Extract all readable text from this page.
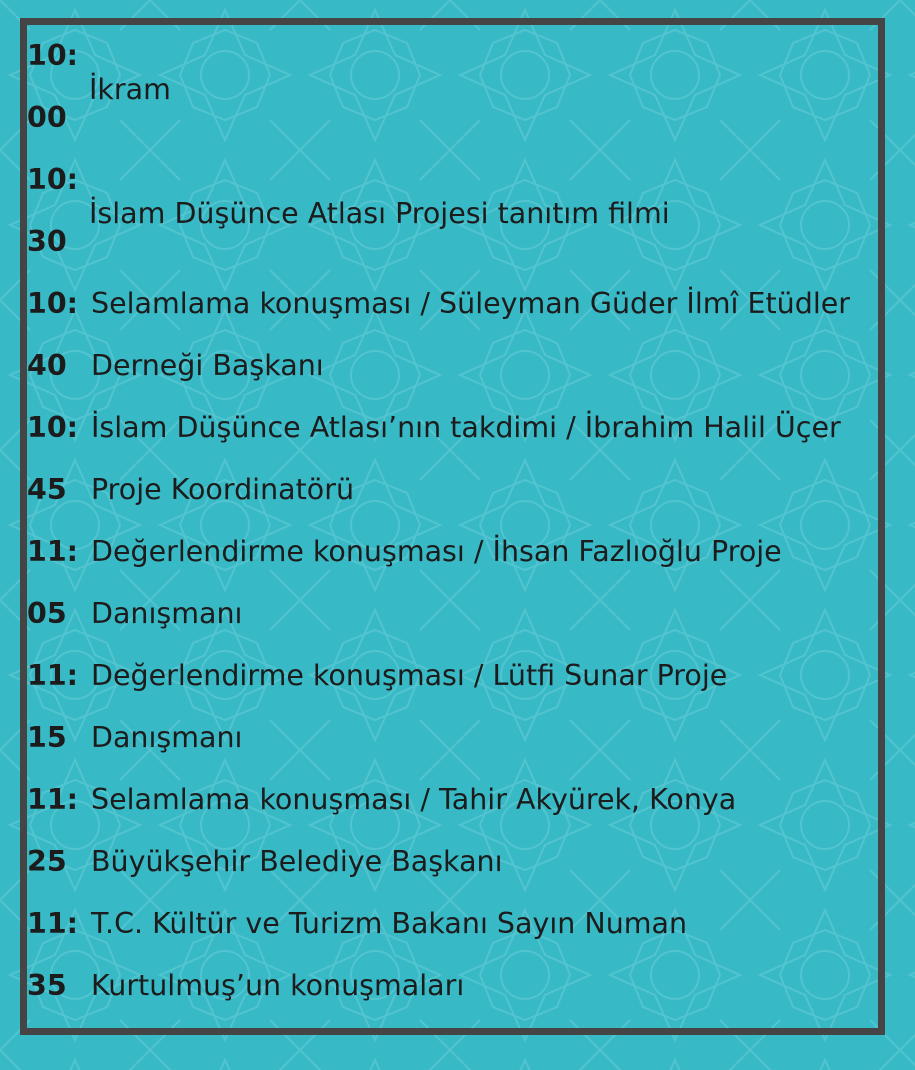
10:
00
İkram
10:
30
İslam Düşünce Atlası Projesi tanıtım filmi
10: Selamlama konuşması / Süleyman Güder İlmî Etüdler
40 Derneği Başkanı
10: İslam Düşünce Atlası’nın takdimi / İbrahim Halil Üçer
45 Proje Koordinatörü
11: Değerlendirme konuşması / İhsan Fazlıoğlu Proje
05 Danışmanı
11: Değerlendirme konuşması / Lütfi Sunar Proje
15 Danışmanı
11: Selamlama konuşması / Tahir Akyürek, Konya
25 Büyükşehir Belediye Başkanı
11: T.C. Kültür ve Turizm Bakanı Sayın Numan
35 Kurtulmuş’un konuşmaları
